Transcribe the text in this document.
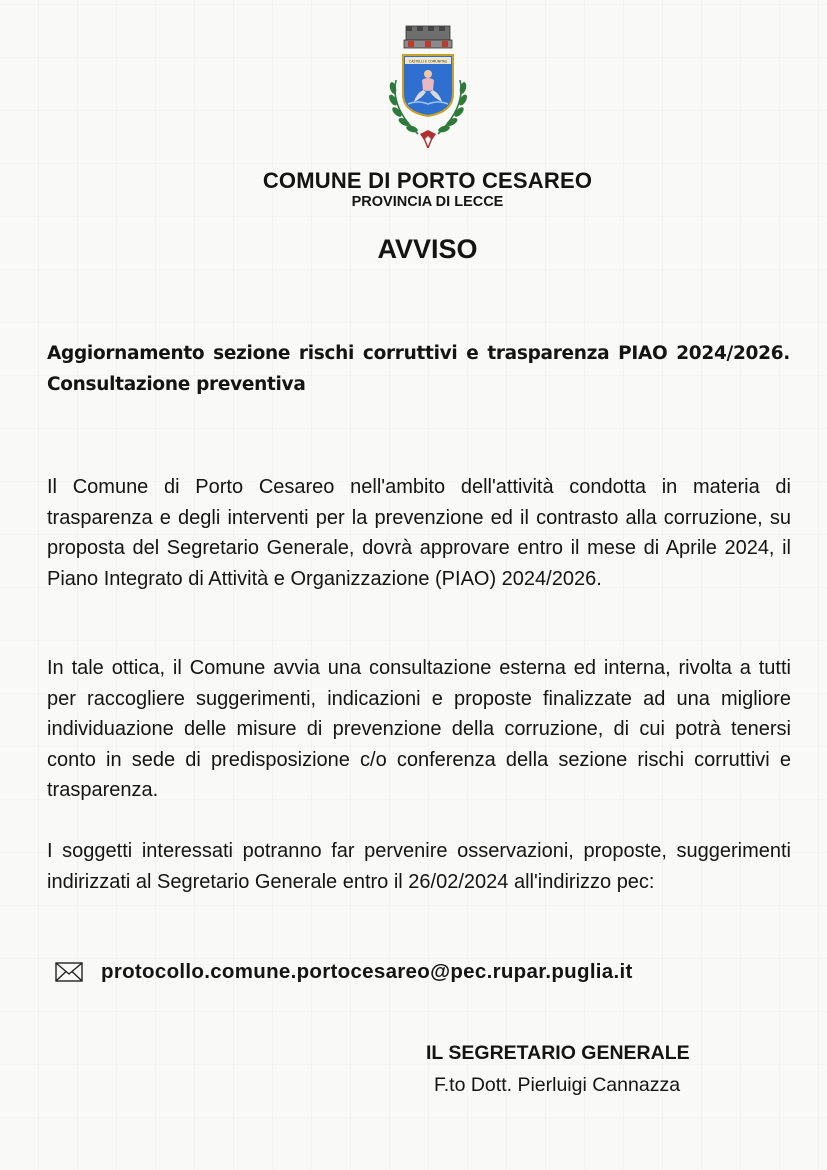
CASTELLI E COMUNITAS
COMUNE DI PORTO CESAREO
PROVINCIA DI LECCE
AVVISO
Aggiornamento sezione rischi corruttivi e trasparenza PIAO 2024/2026. Consultazione preventiva
Il Comune di Porto Cesareo nell'ambito dell'attività condotta in materia di trasparenza e degli interventi per la prevenzione ed il contrasto alla corruzione, su proposta del Segretario Generale, dovrà approvare entro il mese di Aprile 2024, il Piano Integrato di Attività e Organizzazione (PIAO) 2024/2026.
In tale ottica, il Comune avvia una consultazione esterna ed interna, rivolta a tutti per raccogliere suggerimenti, indicazioni e proposte finalizzate ad una migliore individuazione delle misure di prevenzione della corruzione, di cui potrà tenersi conto in sede di predisposizione c/o conferenza della sezione rischi corruttivi e trasparenza.
I soggetti interessati potranno far pervenire osservazioni, proposte, suggerimenti indirizzati al Segretario Generale entro il 26/02/2024 all'indirizzo pec:
protocollo.comune.portocesareo@pec.rupar.puglia.it
IL SEGRETARIO GENERALE
F.to Dott. Pierluigi Cannazza
